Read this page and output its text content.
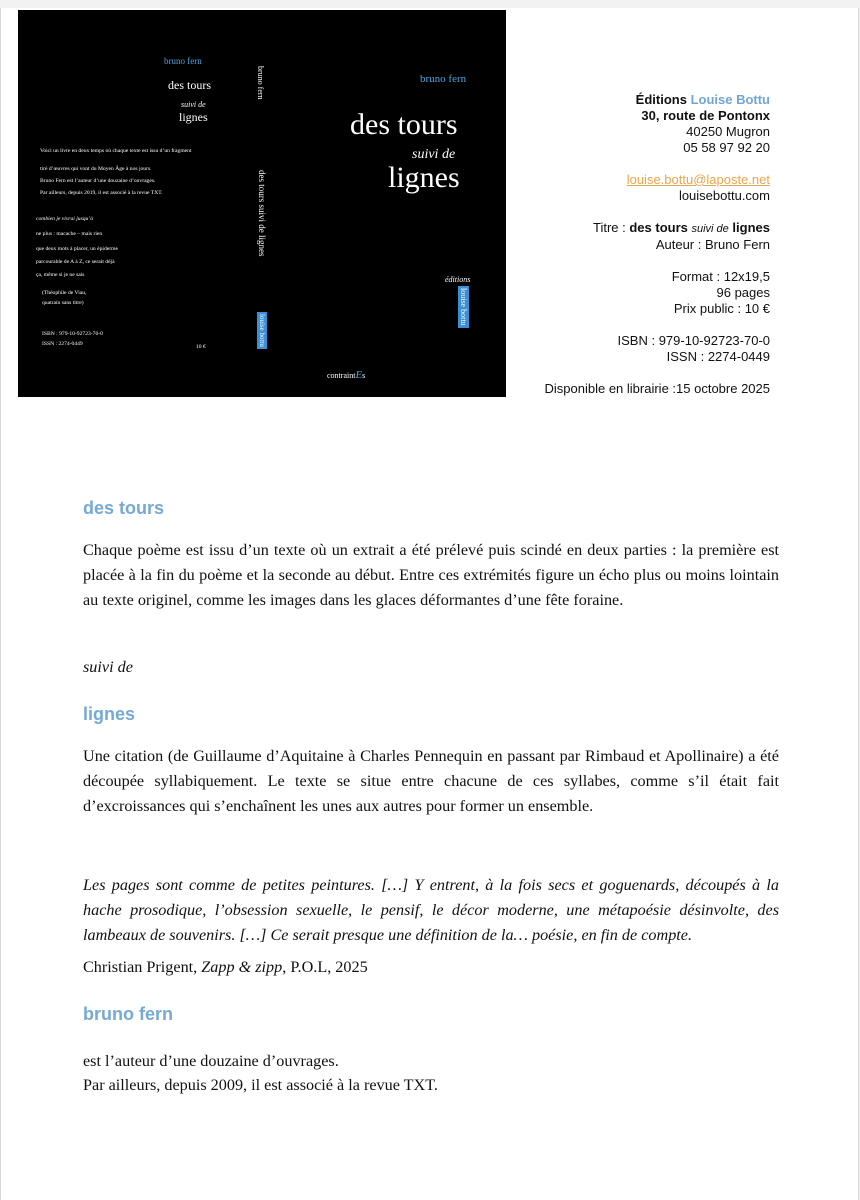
bruno fern
des tours
suivi de
lignes
Voici un livre en deux temps où chaque texte est issu d’un fragment
tiré d’œuvres qui vont du Moyen Âge à nos jours.
Bruno Fern est l’auteur d’une douzaine d’ouvrages.
Par ailleurs, depuis 2019, il est associé à la revue TXT.
combien je vivrai jusqu’à
ne plus : macache – mais rien
que deux mots à placer, un épiderme
parcourable de A à Z, ce serait déjà
ça, même si je ne sais
(Théophile de Viau,
quatrain sans titre)
ISBN : 979-10-92723-70-0
ISSN : 2274-0449	10 €
bruno fern
des tours suivi de lignes
louise bottu
bruno fern
des tours
suivi de
lignes
éditions
louise bottu
contraintEs
Éditions Louise Bottu
30, route de Pontonx
40250 Mugron
05 58 97 92 20
louise.bottu@laposte.net
louisebottu.com
Titre : des tours suivi de lignes
Auteur : Bruno Fern
Format : 12x19,5
96 pages
Prix public : 10 €
ISBN : 979-10-92723-70-0
ISSN : 2274-0449
Disponible en librairie :15 octobre 2025
des tours

Chaque poème est issu d’un texte où un extrait a été prélevé puis scindé en deux parties : la première est placée à la fin du poème et la seconde au début. Entre ces extrémités figure un écho plus ou moins lointain au texte originel, comme les images dans les glaces déformantes d’une fête foraine.

suivi de
lignes

Une citation (de Guillaume d’Aquitaine à Charles Pennequin en passant par Rimbaud et Apollinaire) a été découpée syllabiquement. Le texte se situe entre chacune de ces syllabes, comme s’il était fait d’excroissances qui s’enchaînent les unes aux autres pour former un ensemble.

Les pages sont comme de petites peintures. […] Y entrent, à la fois secs et goguenards, découpés à la hache prosodique, l’obsession sexuelle, le pensif, le décor moderne, une métapoésie désinvolte, des lambeaux de souvenirs. […] Ce serait presque une définition de la… poésie, en fin de compte.

Christian Prigent, Zapp & zipp, P.O.L, 2025
bruno fern
est l’auteur d’une douzaine d’ouvrages.
Par ailleurs, depuis 2009, il est associé à la revue TXT.
